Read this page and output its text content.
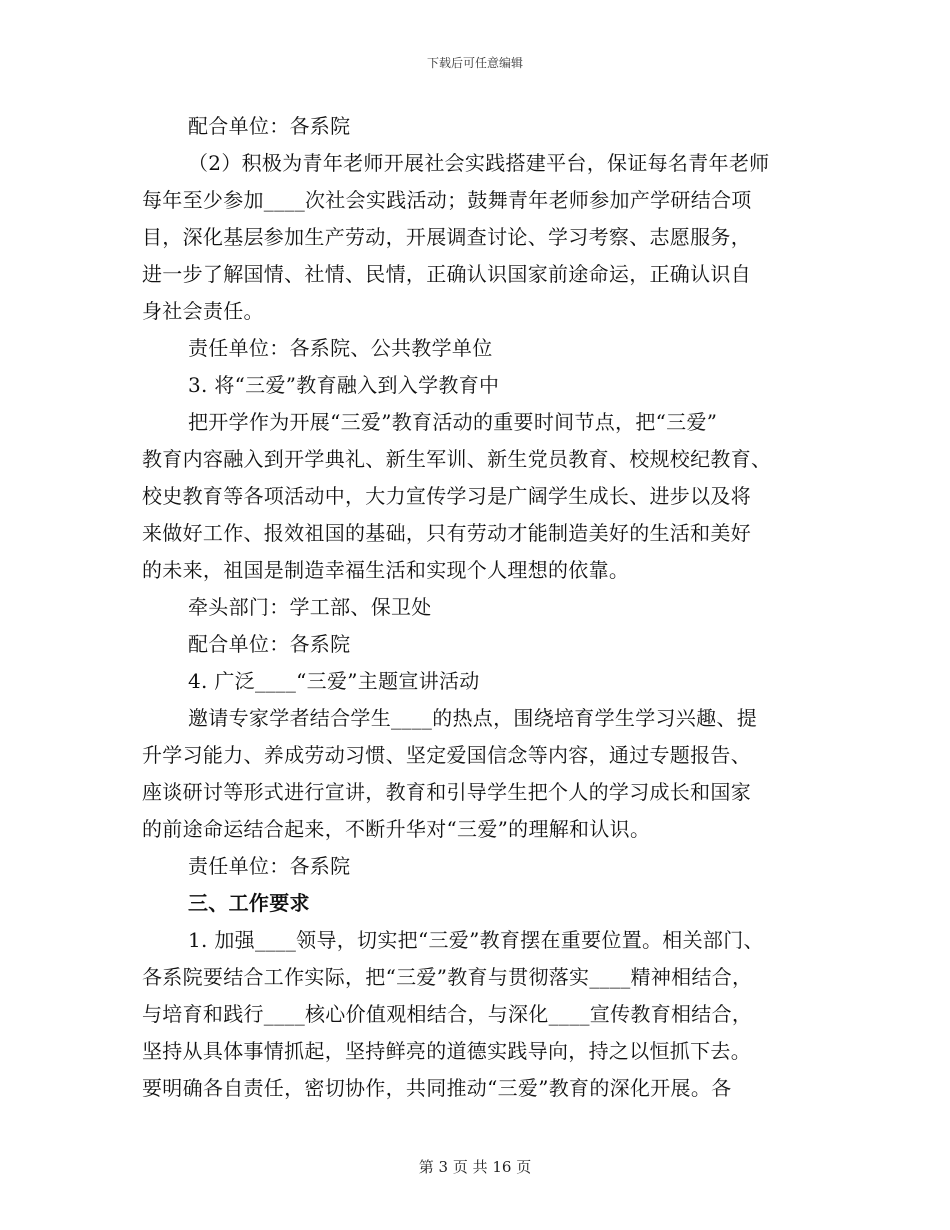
下载后可任意编辑
配合单位：各系院
（2）积极为青年老师开展社会实践搭建平台，保证每名青年老师
每年至少参加____次社会实践活动；鼓舞青年老师参加产学研结合项
目，深化基层参加生产劳动，开展调查讨论、学习考察、志愿服务，
进一步了解国情、社情、民情，正确认识国家前途命运，正确认识自
身社会责任。
责任单位：各系院、公共教学单位
3. 将“三爱”教育融入到入学教育中
把开学作为开展“三爱”教育活动的重要时间节点，把“三爱”
教育内容融入到开学典礼、新生军训、新生党员教育、校规校纪教育、
校史教育等各项活动中，大力宣传学习是广阔学生成长、进步以及将
来做好工作、报效祖国的基础，只有劳动才能制造美好的生活和美好
的未来，祖国是制造幸福生活和实现个人理想的依靠。
牵头部门：学工部、保卫处
配合单位：各系院
4. 广泛____“三爱”主题宣讲活动
邀请专家学者结合学生____的热点，围绕培育学生学习兴趣、提
升学习能力、养成劳动习惯、坚定爱国信念等内容，通过专题报告、
座谈研讨等形式进行宣讲，教育和引导学生把个人的学习成长和国家
的前途命运结合起来，不断升华对“三爱”的理解和认识。
责任单位：各系院
三、工作要求
1. 加强____领导，切实把“三爱”教育摆在重要位置。相关部门、
各系院要结合工作实际，把“三爱”教育与贯彻落实____精神相结合，
与培育和践行____核心价值观相结合，与深化____宣传教育相结合，
坚持从具体事情抓起，坚持鲜亮的道德实践导向，持之以恒抓下去。
要明确各自责任，密切协作，共同推动“三爱”教育的深化开展。各
第 3 页 共 16 页
